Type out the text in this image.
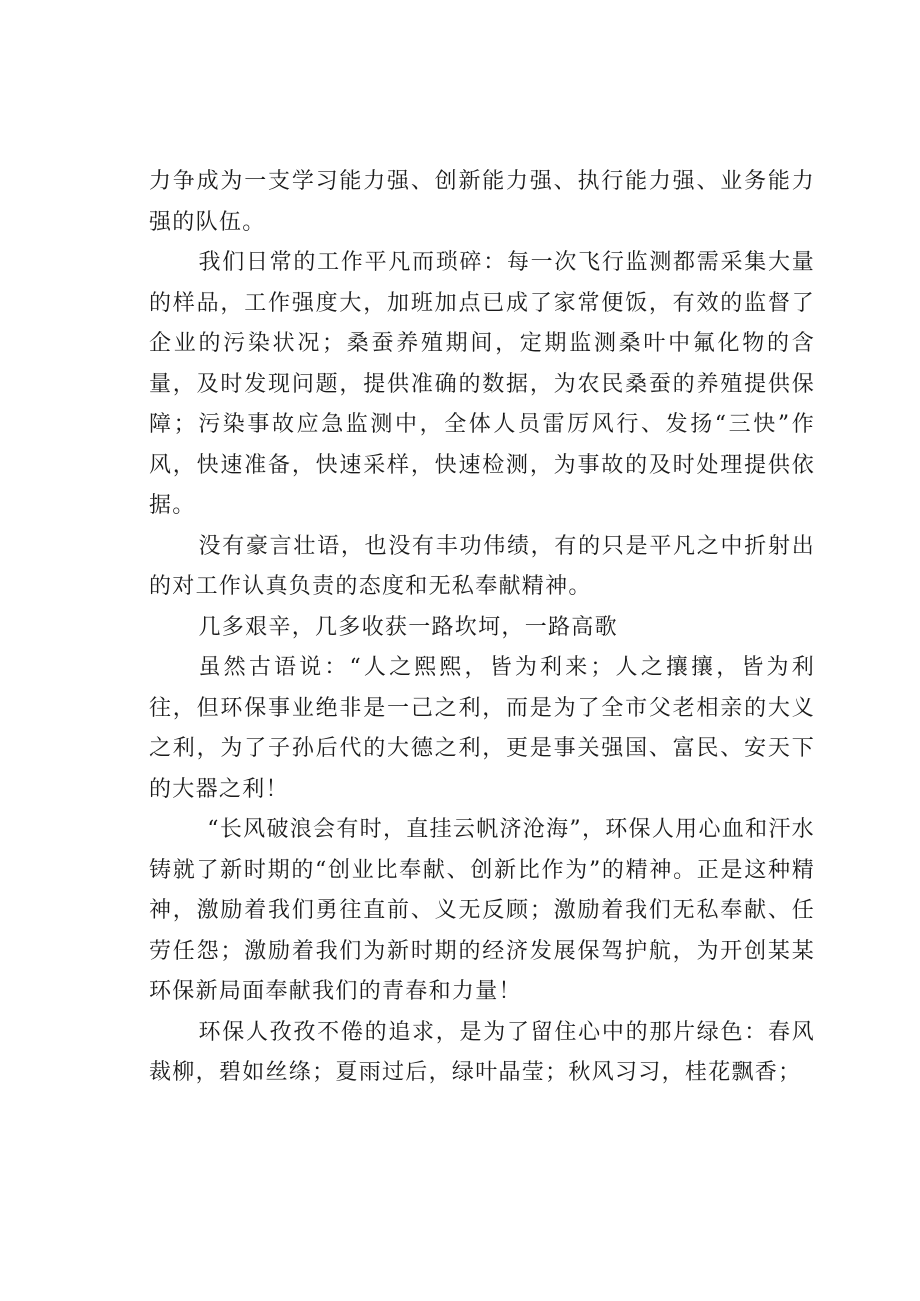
力争成为一支学习能力强、创新能力强、执行能力强、业务能力强的队伍。

我们日常的工作平凡而琐碎：每一次飞行监测都需采集大量的样品，工作强度大，加班加点已成了家常便饭，有效的监督了企业的污染状况；桑蚕养殖期间，定期监测桑叶中氟化物的含量，及时发现问题，提供准确的数据，为农民桑蚕的养殖提供保障；污染事故应急监测中，全体人员雷厉风行、发扬“三快”作风，快速准备，快速采样，快速检测，为事故的及时处理提供依据。

没有豪言壮语，也没有丰功伟绩，有的只是平凡之中折射出的对工作认真负责的态度和无私奉献精神。

几多艰辛，几多收获一路坎坷，一路高歌

虽然古语说：“人之熙熙，皆为利来；人之攘攘，皆为利往，但环保事业绝非是一己之利，而是为了全市父老相亲的大义之利，为了子孙后代的大德之利，更是事关强国、富民、安天下的大器之利！

“长风破浪会有时，直挂云帆济沧海”，环保人用心血和汗水铸就了新时期的“创业比奉献、创新比作为”的精神。正是这种精神，激励着我们勇往直前、义无反顾；激励着我们无私奉献、任劳任怨；激励着我们为新时期的经济发展保驾护航，为开创某某环保新局面奉献我们的青春和力量！

环保人孜孜不倦的追求，是为了留住心中的那片绿色：春风裁柳，碧如丝绦；夏雨过后，绿叶晶莹；秋风习习，桂花飘香；
